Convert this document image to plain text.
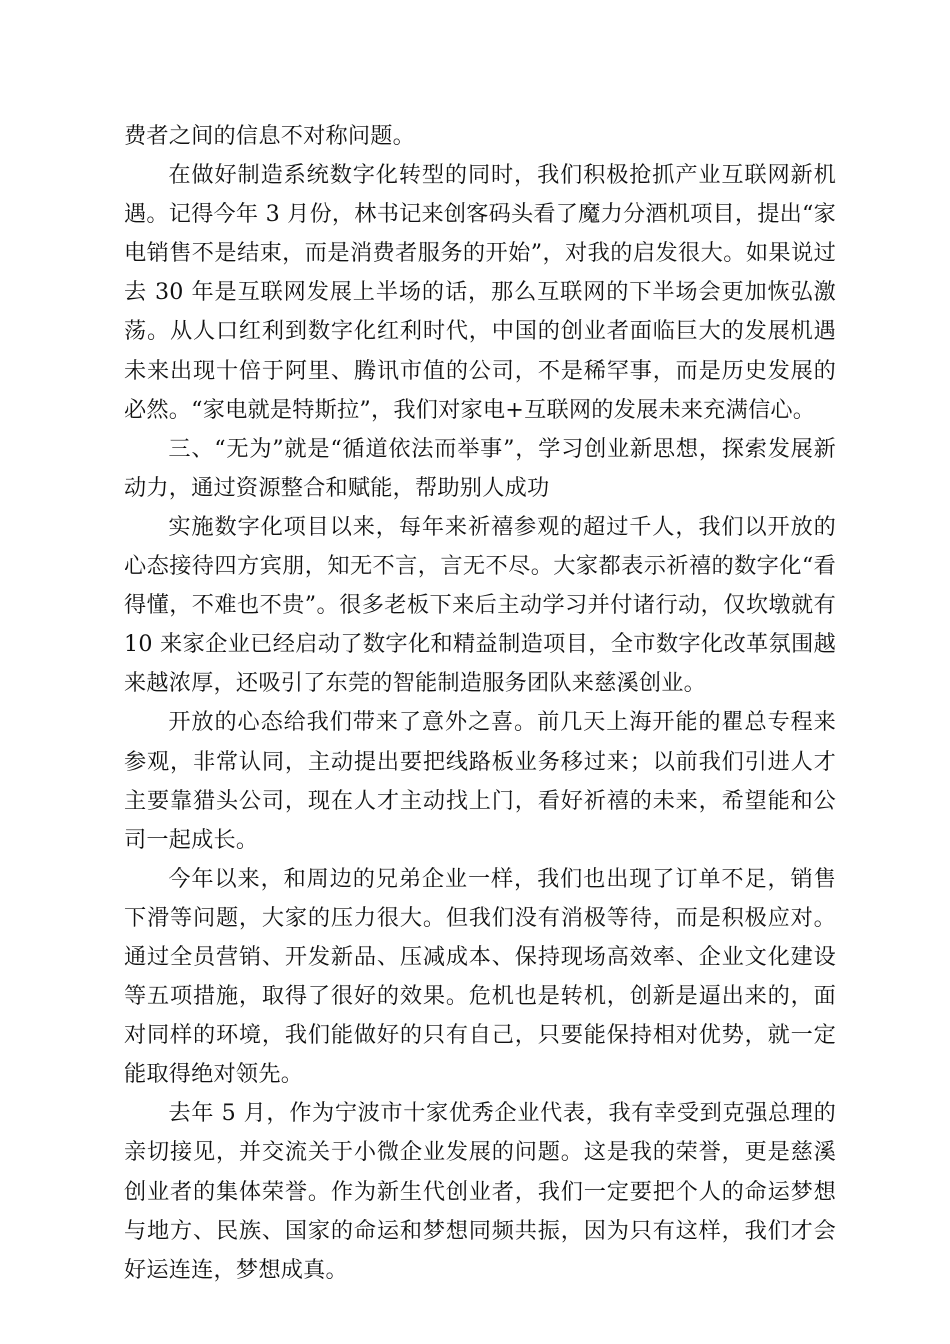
费者之间的信息不对称问题。

在做好制造系统数字化转型的同时，我们积极抢抓产业互联网新机遇。记得今年 3 月份，林书记来创客码头看了魔力分酒机项目，提出“家电销售不是结束，而是消费者服务的开始”，对我的启发很大。如果说过去 30 年是互联网发展上半场的话，那么互联网的下半场会更加恢弘激荡。从人口红利到数字化红利时代，中国的创业者面临巨大的发展机遇未来出现十倍于阿里、腾讯市值的公司，不是稀罕事，而是历史发展的必然。“家电就是特斯拉”，我们对家电+互联网的发展未来充满信心。

三、“无为”就是“循道依法而举事”，学习创业新思想，探索发展新动力，通过资源整合和赋能，帮助别人成功

实施数字化项目以来，每年来祈禧参观的超过千人，我们以开放的心态接待四方宾朋，知无不言，言无不尽。大家都表示祈禧的数字化“看得懂，不难也不贵”。很多老板下来后主动学习并付诸行动，仅坎墩就有 10 来家企业已经启动了数字化和精益制造项目，全市数字化改革氛围越来越浓厚，还吸引了东莞的智能制造服务团队来慈溪创业。

开放的心态给我们带来了意外之喜。前几天上海开能的瞿总专程来参观，非常认同，主动提出要把线路板业务移过来；以前我们引进人才主要靠猎头公司，现在人才主动找上门，看好祈禧的未来，希望能和公司一起成长。

今年以来，和周边的兄弟企业一样，我们也出现了订单不足，销售下滑等问题，大家的压力很大。但我们没有消极等待，而是积极应对。通过全员营销、开发新品、压减成本、保持现场高效率、企业文化建设等五项措施，取得了很好的效果。危机也是转机，创新是逼出来的，面对同样的环境，我们能做好的只有自己，只要能保持相对优势，就一定能取得绝对领先。

去年 5 月，作为宁波市十家优秀企业代表，我有幸受到克强总理的亲切接见，并交流关于小微企业发展的问题。这是我的荣誉，更是慈溪创业者的集体荣誉。作为新生代创业者，我们一定要把个人的命运梦想与地方、民族、国家的命运和梦想同频共振，因为只有这样，我们才会好运连连，梦想成真。
